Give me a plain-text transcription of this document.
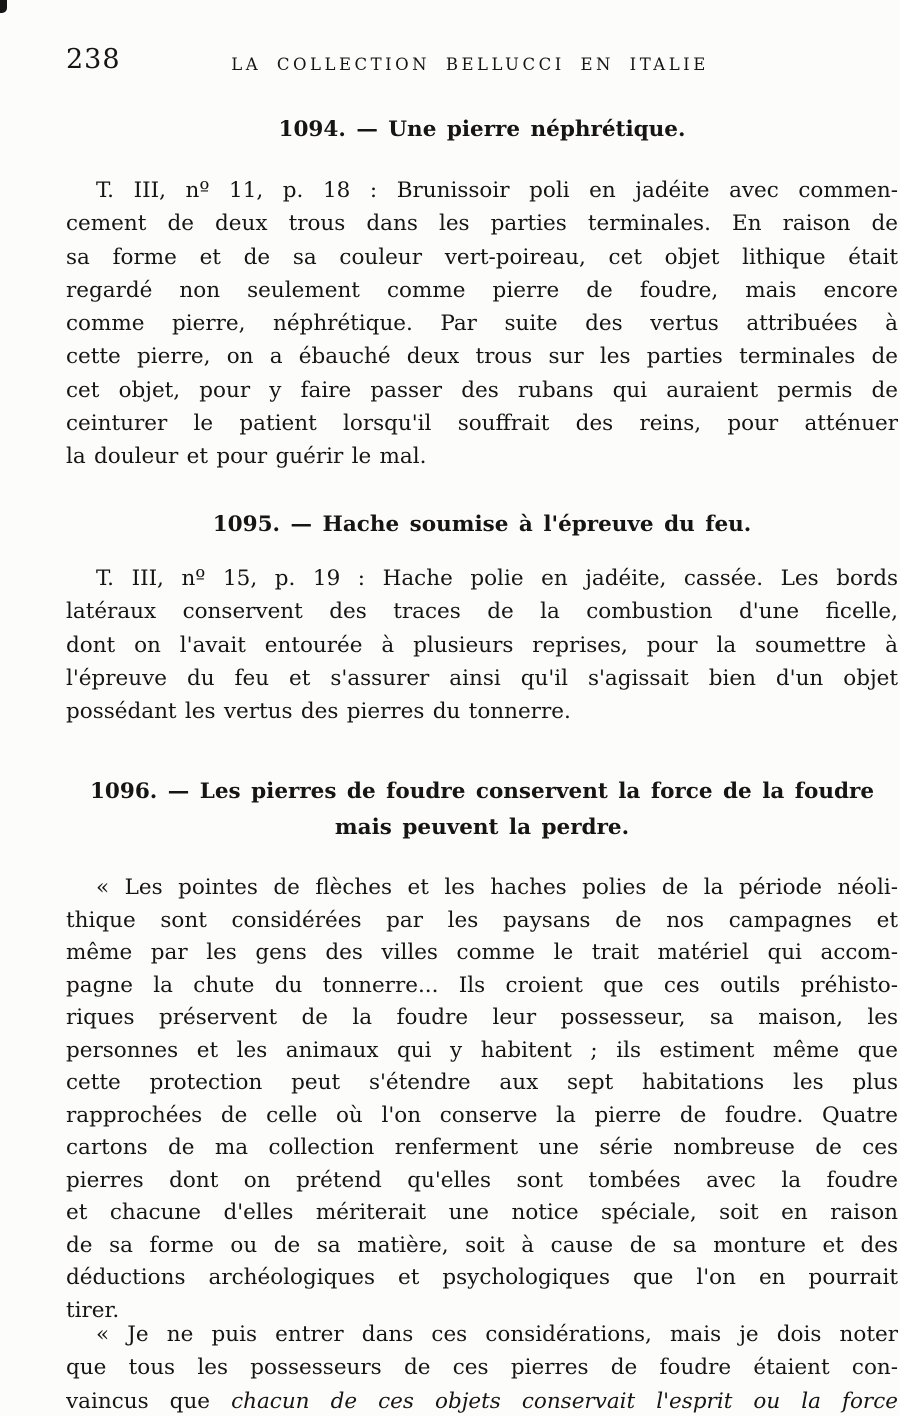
238	LA COLLECTION BELLUCCI EN ITALIE
1094. — Une pierre néphrétique.
T. III, nº 11, p. 18 : Brunissoir poli en jadéite avec commen-
cement de deux trous dans les parties terminales. En raison de
sa forme et de sa couleur vert-poireau, cet objet lithique était
regardé non seulement comme pierre de foudre, mais encore
comme pierre, néphrétique. Par suite des vertus attribuées à
cette pierre, on a ébauché deux trous sur les parties terminales de
cet objet, pour y faire passer des rubans qui auraient permis de
ceinturer le patient lorsqu'il souffrait des reins, pour atténuer
la douleur et pour guérir le mal.
1095. — Hache soumise à l'épreuve du feu.
T. III, nº 15, p. 19 : Hache polie en jadéite, cassée. Les bords
latéraux conservent des traces de la combustion d'une ficelle,
dont on l'avait entourée à plusieurs reprises, pour la soumettre à
l'épreuve du feu et s'assurer ainsi qu'il s'agissait bien d'un objet
possédant les vertus des pierres du tonnerre.
1096. — Les pierres de foudre conservent la force de la foudre
mais peuvent la perdre.
« Les pointes de flèches et les haches polies de la période néoli-
thique sont considérées par les paysans de nos campagnes et
même par les gens des villes comme le trait matériel qui accom-
pagne la chute du tonnerre... Ils croient que ces outils préhisto-
riques préservent de la foudre leur possesseur, sa maison, les
personnes et les animaux qui y habitent ; ils estiment même que
cette protection peut s'étendre aux sept habitations les plus
rapprochées de celle où l'on conserve la pierre de foudre. Quatre
cartons de ma collection renferment une série nombreuse de ces
pierres dont on prétend qu'elles sont tombées avec la foudre
et chacune d'elles mériterait une notice spéciale, soit en raison
de sa forme ou de sa matière, soit à cause de sa monture et des
déductions archéologiques et psychologiques que l'on en pourrait
tirer.
« Je ne puis entrer dans ces considérations, mais je dois noter
que tous les possesseurs de ces pierres de foudre étaient con-
vaincus que chacun de ces objets conservait l'esprit ou la force
